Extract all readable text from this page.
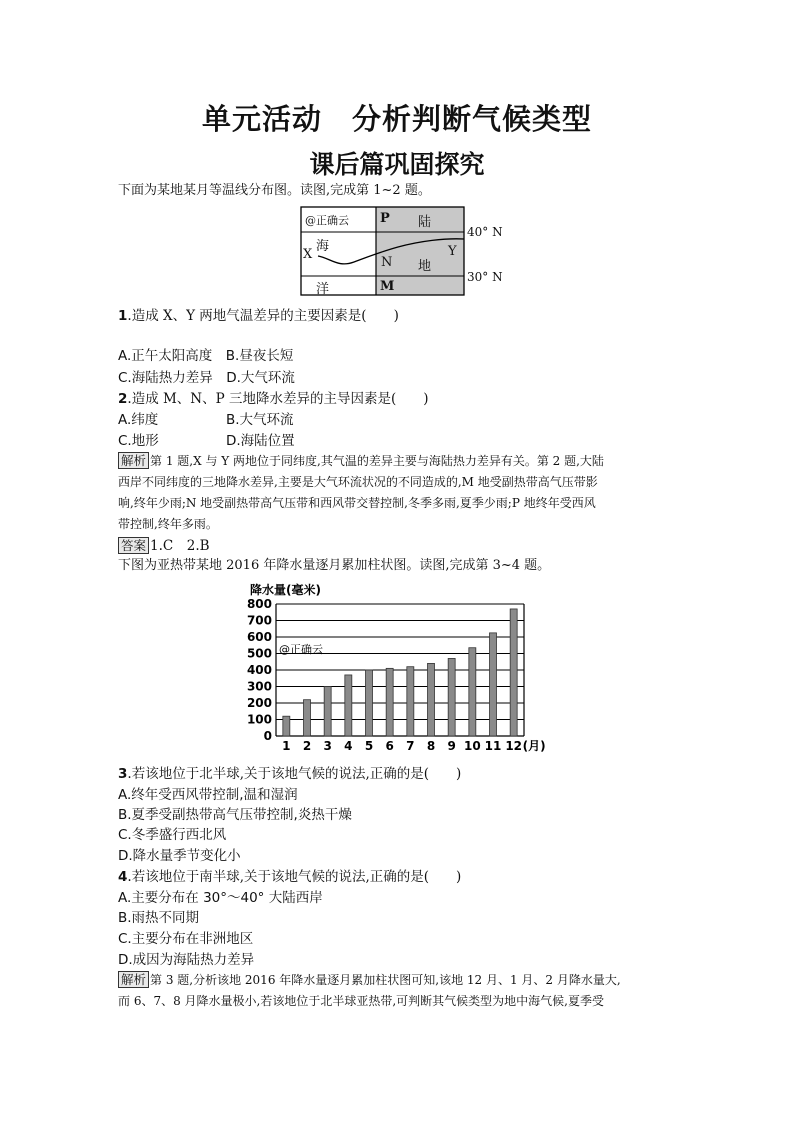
单元活动　分析判断气候类型
课后篇巩固探究
下面为某地某月等温线分布图。读图,完成第 1~2 题。
@正确云 P 陆
海
X
N 地
Y
洋	M
40° N
30° N
1.造成 X、Y 两地气温差异的主要因素是(　　)
A.正午太阳高度　B.昼夜长短
C.海陆热力差异　D.大气环流
2.造成 M、N、P 三地降水差异的主导因素是(　　)
A.纬度	B.大气环流
C.地形	D.海陆位置
解析 第 1 题,X 与 Y 两地位于同纬度,其气温的差异主要与海陆热力差异有关。第 2 题,大陆
西岸不同纬度的三地降水差异,主要是大气环流状况的不同造成的,M 地受副热带高气压带影
响,终年少雨;N 地受副热带高气压带和西风带交替控制,冬季多雨,夏季少雨;P 地终年受西风
带控制,终年多雨。
答案 1.C　2.B
下图为亚热带某地 2016 年降水量逐月累加柱状图。读图,完成第 3~4 题。
降水量(毫米)
0
100
200
300
400
500
600
700
800
@正确云
1 2 3 4 5 6 7 8 9 10 11 12 (月)
3.若该地位于北半球,关于该地气候的说法,正确的是(　　)
A.终年受西风带控制,温和湿润
B.夏季受副热带高气压带控制,炎热干燥
C.冬季盛行西北风
D.降水量季节变化小
4.若该地位于南半球,关于该地气候的说法,正确的是(　　)
A.主要分布在 30°～40° 大陆西岸
B.雨热不同期
C.主要分布在非洲地区
D.成因为海陆热力差异
解析 第 3 题,分析该地 2016 年降水量逐月累加柱状图可知,该地 12 月、1 月、2 月降水量大,
而 6、7、8 月降水量极小,若该地位于北半球亚热带,可判断其气候类型为地中海气候,夏季受
